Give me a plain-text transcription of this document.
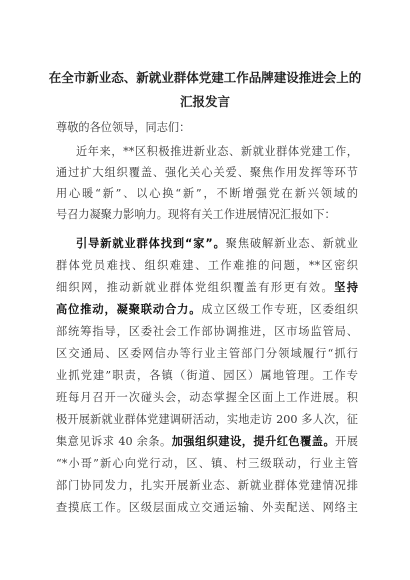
在全市新业态、新就业群体党建工作品牌建设推进会上的
汇报发言
尊敬的各位领导，同志们：
近年来，**区积极推进新业态、新就业群体党建工作，
通过扩大组织覆盖、强化关心关爱、聚焦作用发挥等环节
用心暖“新”、以心换“新”，不断增强党在新兴领域的
号召力凝聚力影响力。现将有关工作进展情况汇报如下：
引导新就业群体找到“家”。聚焦破解新业态、新就业
群体党员难找、组织难建、工作难推的问题，**区密织
细织网，推动新就业群体党组织覆盖有形更有效。坚持
高位推动，凝聚联动合力。成立区级工作专班，区委组织
部统筹指导，区委社会工作部协调推进，区市场监管局、
区交通局、区委网信办等行业主管部门分领域履行“抓行
业抓党建”职责，各镇（街道、园区）属地管理。工作专
班每月召开一次碰头会，动态掌握全区面上工作进展。积
极开展新就业群体党建调研活动，实地走访 200 多人次，征
集意见诉求 40 余条。加强组织建设，提升红色覆盖。开展
“*小哥”新心向党行动，区、镇、村三级联动，行业主管
部门协同发力，扎实开展新业态、新就业群体党建情况排
查摸底工作。区级层面成立交通运输、外卖配送、网络主
